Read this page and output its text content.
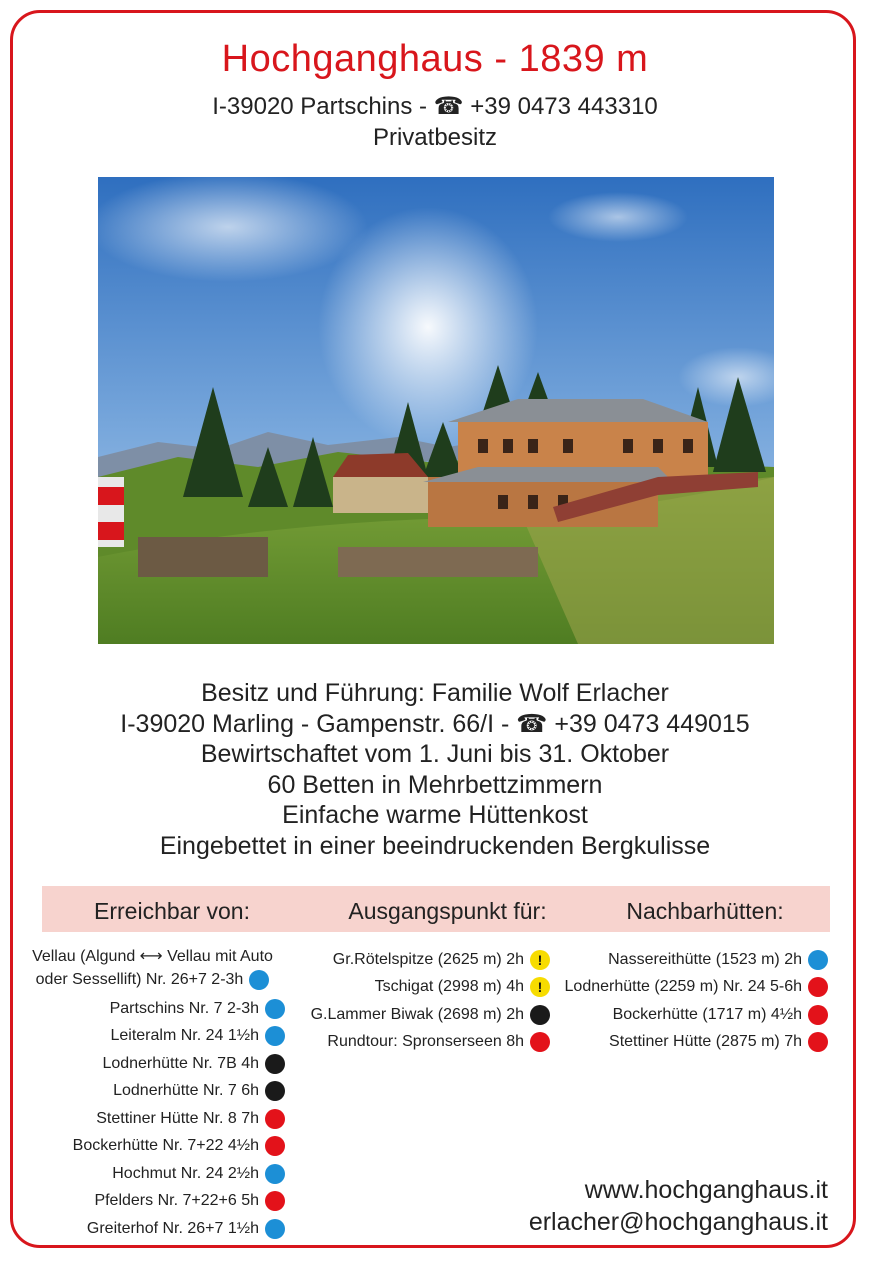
Hochganghaus - 1839 m
I-39020 Partschins - ☎ +39 0473 443310
Privatbesitz
Besitz und Führung: Familie Wolf Erlacher
I-39020 Marling - Gampenstr. 66/I - ☎ +39 0473 449015
Bewirtschaftet vom 1. Juni bis 31. Oktober
60 Betten in Mehrbettzimmern
Einfache warme Hüttenkost
Eingebettet in einer beeindruckenden Bergkulisse
Erreichbar von:	Ausgangspunkt für:	Nachbarhütten:
Vellau (Algund ⟷ Vellau mit Auto
oder Sessellift) Nr. 26+7 2-3h
Partschins Nr. 7 2-3h
Leiteralm Nr. 24 1½h
Lodnerhütte Nr. 7B 4h
Lodnerhütte Nr. 7 6h
Stettiner Hütte Nr. 8 7h
Bockerhütte Nr. 7+22 4½h
Hochmut Nr. 24 2½h
Pfelders Nr. 7+22+6 5h
Greiterhof Nr. 26+7 1½h
Gr.Rötelspitze (2625 m) 2h !
Tschigat (2998 m) 4h !
G.Lammer Biwak (2698 m) 2h
Rundtour: Spronserseen 8h
Nassereithütte (1523 m) 2h
Lodnerhütte (2259 m) Nr. 24 5-6h
Bockerhütte (1717 m) 4½h
Stettiner Hütte (2875 m) 7h
www.hochganghaus.it
erlacher@hochganghaus.it
